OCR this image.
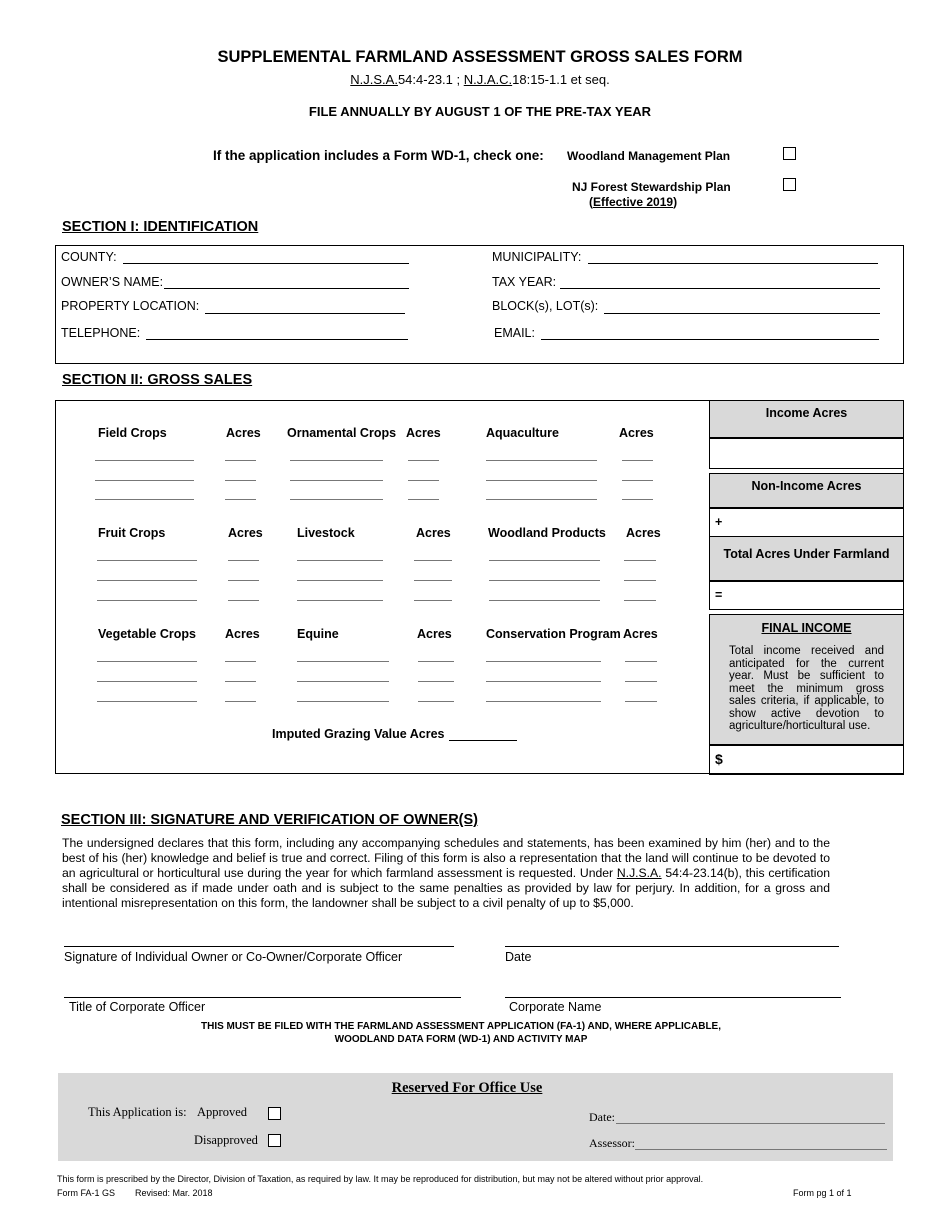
SUPPLEMENTAL FARMLAND ASSESSMENT GROSS SALES FORM
N.J.S.A.54:4-23.1 ; N.J.A.C.18:15-1.1 et seq.
FILE ANNUALLY BY AUGUST 1 OF THE PRE-TAX YEAR
If the application includes a Form WD-1, check one: Woodland Management Plan
NJ Forest Stewardship Plan
(Effective 2019)
SECTION I: IDENTIFICATION
COUNTY:
OWNER’S NAME:
PROPERTY LOCATION:
TELEPHONE:
MUNICIPALITY:
TAX YEAR:
BLOCK(s), LOT(s):
EMAIL:
SECTION II: GROSS SALES
Field Crops	Acres Ornamental Crops Acres	Aquaculture	Acres
Fruit Crops	Acres	Livestock	Acres	Woodland Products Acres
Vegetable Crops Acres	Equine	Acres	Conservation Program Acres
Imputed Grazing Value Acres
Income Acres
Non-Income Acres
+
Total Acres Under Farmland
=
FINAL INCOME
Total income received and anticipated for the current year. Must be sufficient to meet the minimum gross sales criteria, if applicable, to show active devotion to agriculture/horticultural use.
$
SECTION III: SIGNATURE AND VERIFICATION OF OWNER(S)
The undersigned declares that this form, including any accompanying schedules and statements, has been examined by him (her) and to the best of his (her) knowledge and belief is true and correct. Filing of this form is also a representation that the land will continue to be devoted to an agricultural or horticultural use during the year for which farmland assessment is requested. Under N.J.S.A. 54:4-23.14(b), this certification shall be considered as if made under oath and is subject to the same penalties as provided by law for perjury. In addition, for a gross and intentional misrepresentation on this form, the landowner shall be subject to a civil penalty of up to $5,000.
Signature of Individual Owner or Co-Owner/Corporate Officer	Date
Title of Corporate Officer	Corporate Name
THIS MUST BE FILED WITH THE FARMLAND ASSESSMENT APPLICATION (FA-1) AND, WHERE APPLICABLE,
WOODLAND DATA FORM (WD-1) AND ACTIVITY MAP
Reserved For Office Use
This Application is: Approved
Disapproved
Date:
Assessor:
This form is prescribed by the Director, Division of Taxation, as required by law. It may be reproduced for distribution, but may not be altered without prior approval.
Form FA-1 GS Revised: Mar. 2018	Form pg 1 of 1
